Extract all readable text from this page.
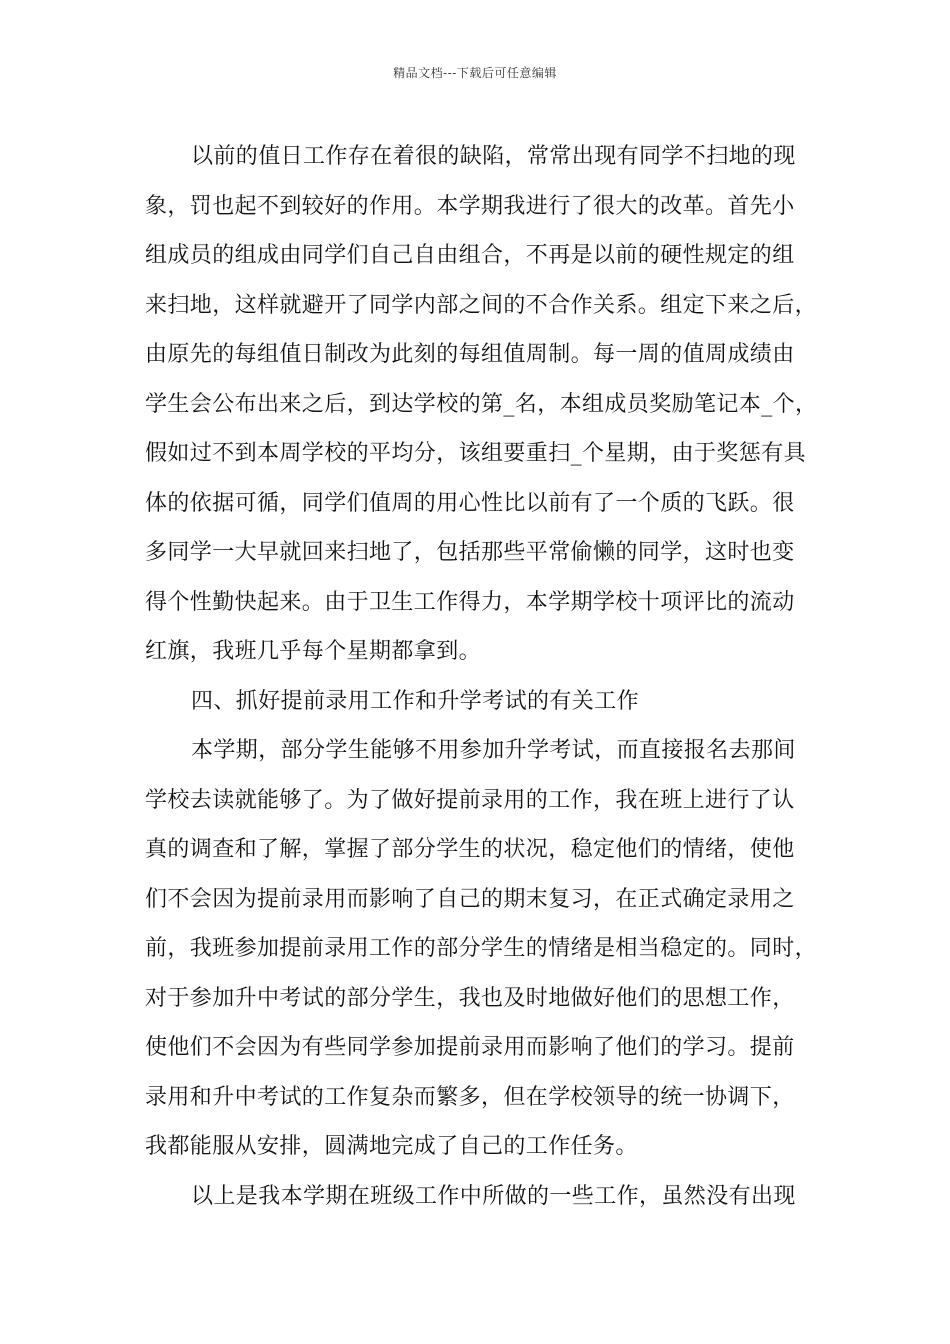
精品文档---下载后可任意编辑
以前的值日工作存在着很的缺陷，常常出现有同学不扫地的现
象，罚也起不到较好的作用。本学期我进行了很大的改革。首先小
组成员的组成由同学们自己自由组合，不再是以前的硬性规定的组
来扫地，这样就避开了同学内部之间的不合作关系。组定下来之后，
由原先的每组值日制改为此刻的每组值周制。每一周的值周成绩由
学生会公布出来之后，到达学校的第_名，本组成员奖励笔记本_个，
假如过不到本周学校的平均分，该组要重扫_个星期，由于奖惩有具
体的依据可循，同学们值周的用心性比以前有了一个质的飞跃。很
多同学一大早就回来扫地了，包括那些平常偷懒的同学，这时也变
得个性勤快起来。由于卫生工作得力，本学期学校十项评比的流动
红旗，我班几乎每个星期都拿到。
四、抓好提前录用工作和升学考试的有关工作
本学期，部分学生能够不用参加升学考试，而直接报名去那间
学校去读就能够了。为了做好提前录用的工作，我在班上进行了认
真的调查和了解，掌握了部分学生的状况，稳定他们的情绪，使他
们不会因为提前录用而影响了自己的期末复习，在正式确定录用之
前，我班参加提前录用工作的部分学生的情绪是相当稳定的。同时，
对于参加升中考试的部分学生，我也及时地做好他们的思想工作，
使他们不会因为有些同学参加提前录用而影响了他们的学习。提前
录用和升中考试的工作复杂而繁多，但在学校领导的统一协调下，
我都能服从安排，圆满地完成了自己的工作任务。
以上是我本学期在班级工作中所做的一些工作，虽然没有出现
